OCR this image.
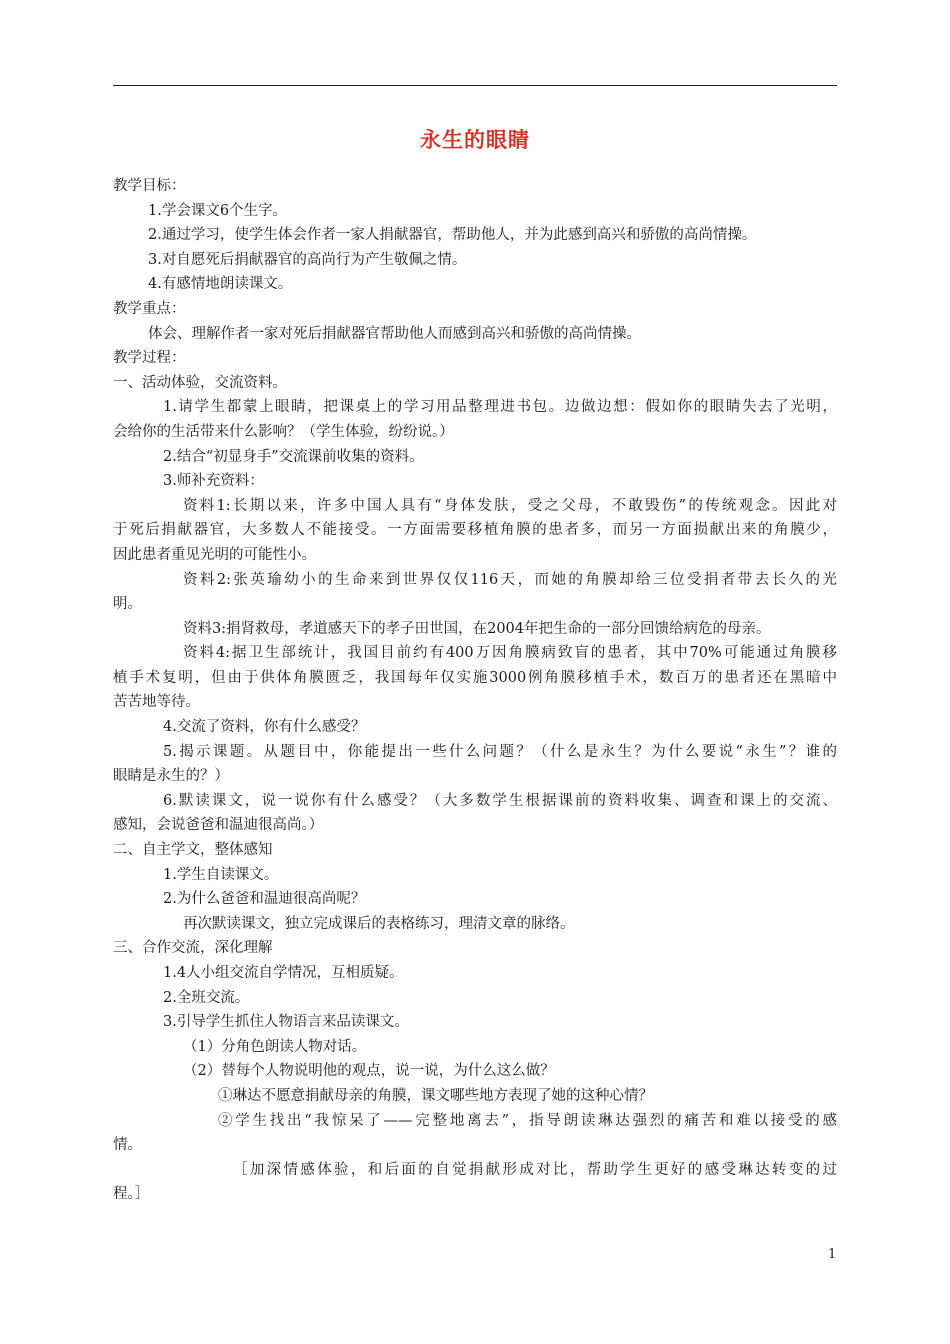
永生的眼睛
教学目标：
1.学会课文6个生字。
2.通过学习，使学生体会作者一家人捐献器官，帮助他人，并为此感到高兴和骄傲的高尚情操。
3.对自愿死后捐献器官的高尚行为产生敬佩之情。
4.有感情地朗读课文。
教学重点：
体会、理解作者一家对死后捐献器官帮助他人而感到高兴和骄傲的高尚情操。
教学过程：
一、活动体验，交流资料。
1.请学生都蒙上眼睛，把课桌上的学习用品整理进书包。边做边想：假如你的眼睛失去了光明，
会给你的生活带来什么影响？（学生体验，纷纷说。）
2.结合“初显身手”交流课前收集的资料。
3.师补充资料：
资料1:长期以来，许多中国人具有“身体发肤，受之父母，不敢毁伤”的传统观念。因此对
于死后捐献器官，大多数人不能接受。一方面需要移植角膜的患者多，而另一方面损献出来的角膜少，
因此患者重见光明的可能性小。
资料2:张英瑜幼小的生命来到世界仅仅116天，而她的角膜却给三位受捐者带去长久的光
明。
资料3:捐肾救母，孝道感天下的孝子田世国，在2004年把生命的一部分回馈给病危的母亲。
资料4:据卫生部统计，我国目前约有400万因角膜病致盲的患者，其中70%可能通过角膜移
植手术复明，但由于供体角膜匮乏，我国每年仅实施3000例角膜移植手术，数百万的患者还在黑暗中
苦苦地等待。
4.交流了资料，你有什么感受？
5.揭示课题。从题目中，你能提出一些什么问题？（什么是永生？为什么要说“永生”？谁的
眼睛是永生的？）
6.默读课文，说一说你有什么感受？（大多数学生根据课前的资料收集、调查和课上的交流、
感知，会说爸爸和温迪很高尚。）
二、自主学文，整体感知
1.学生自读课文。
2.为什么爸爸和温迪很高尚呢？
再次默读课文，独立完成课后的表格练习，理清文章的脉络。
三、合作交流，深化理解
1.4人小组交流自学情况，互相质疑。
2.全班交流。
3.引导学生抓住人物语言来品读课文。
（1）分角色朗读人物对话。
（2）替每个人物说明他的观点，说一说，为什么这么做？
①琳达不愿意捐献母亲的角膜，课文哪些地方表现了她的这种心情？
②学生找出“我惊呆了——完整地离去”，指导朗读琳达强烈的痛苦和难以接受的感
情。
［加深情感体验，和后面的自觉捐献形成对比，帮助学生更好的感受琳达转变的过
程。］
1
